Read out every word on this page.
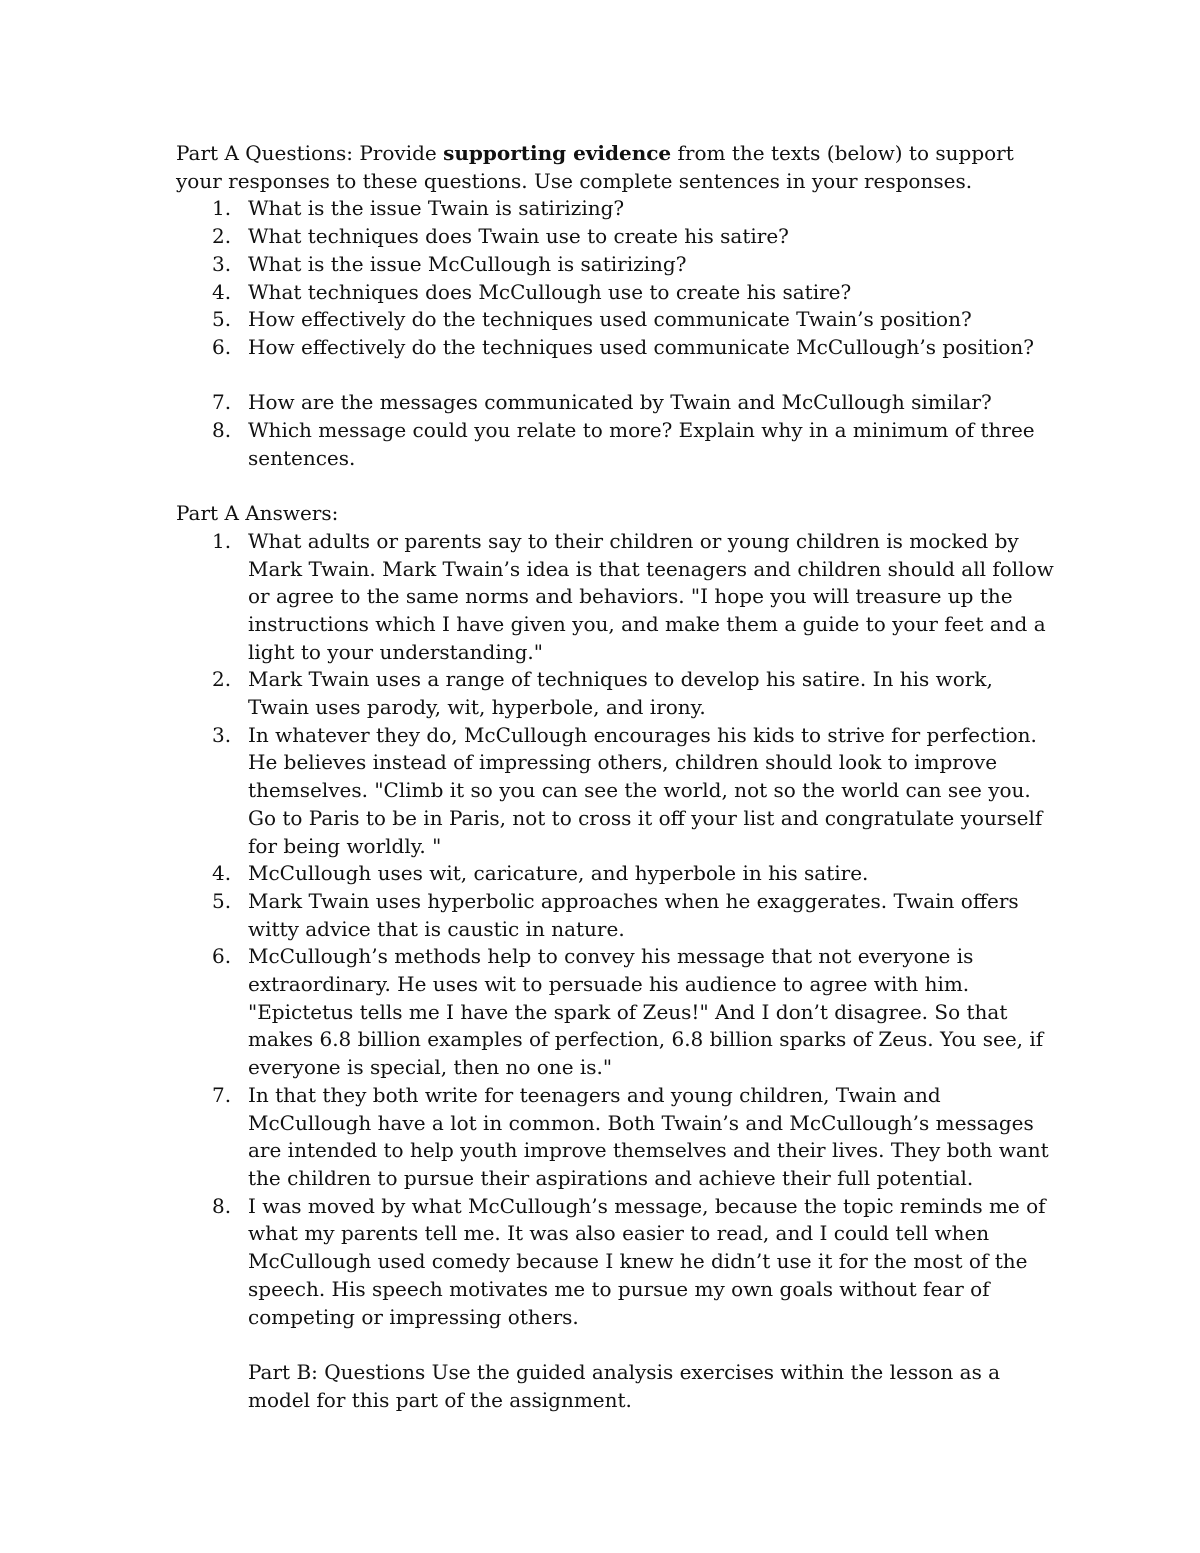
Part A Questions: Provide supporting evidence from the texts (below) to support your responses to these questions. Use complete sentences in your responses.

1. What is the issue Twain is satirizing?
2. What techniques does Twain use to create his satire?
3. What is the issue McCullough is satirizing?
4. What techniques does McCullough use to create his satire?
5. How effectively do the techniques used communicate Twain’s position?
6. How effectively do the techniques used communicate McCullough’s position?
7. How are the messages communicated by Twain and McCullough similar?
8. Which message could you relate to more? Explain why in a minimum of three sentences.

Part A Answers:

1. What adults or parents say to their children or young children is mocked by Mark Twain. Mark Twain’s idea is that teenagers and children should all follow or agree to the same norms and behaviors. "I hope you will treasure up the instructions which I have given you, and make them a guide to your feet and a light to your understanding."
2. Mark Twain uses a range of techniques to develop his satire. In his work, Twain uses parody, wit, hyperbole, and irony.
3. In whatever they do, McCullough encourages his kids to strive for perfection. He believes instead of impressing others, children should look to improve themselves. "Climb it so you can see the world, not so the world can see you. Go to Paris to be in Paris, not to cross it off your list and congratulate yourself for being worldly. "
4. McCullough uses wit, caricature, and hyperbole in his satire.
5. Mark Twain uses hyperbolic approaches when he exaggerates. Twain offers witty advice that is caustic in nature.
6. McCullough’s methods help to convey his message that not everyone is extraordinary. He uses wit to persuade his audience to agree with him. "Epictetus tells me I have the spark of Zeus!" And I don’t disagree. So that makes 6.8 billion examples of perfection, 6.8 billion sparks of Zeus. You see, if everyone is special, then no one is."
7. In that they both write for teenagers and young children, Twain and McCullough have a lot in common. Both Twain’s and McCullough’s messages are intended to help youth improve themselves and their lives. They both want the children to pursue their aspirations and achieve their full potential.
8. I was moved by what McCullough’s message, because the topic reminds me of what my parents tell me. It was also easier to read, and I could tell when McCullough used comedy because I knew he didn’t use it for the most of the speech. His speech motivates me to pursue my own goals without fear of competing or impressing others.

Part B: Questions Use the guided analysis exercises within the lesson as a model for this part of the assignment.
